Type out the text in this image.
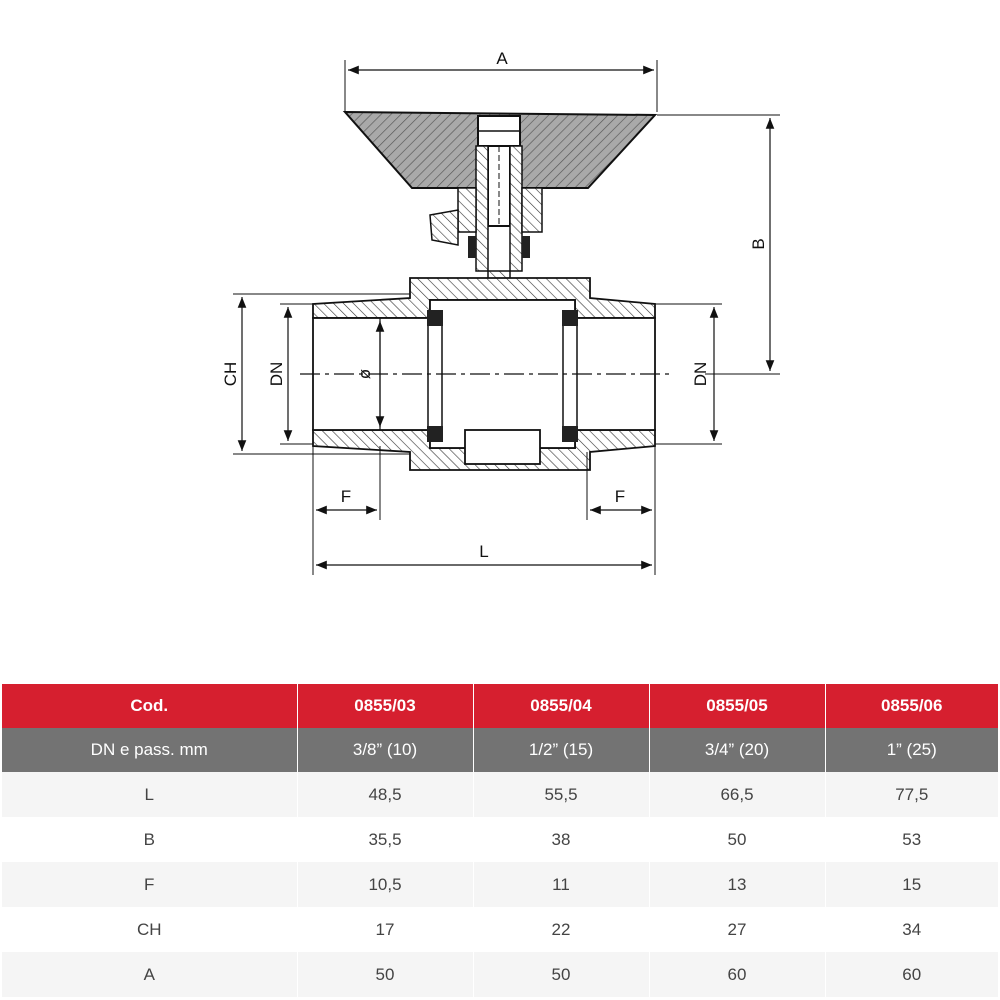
A
B
CH DN	DN
ø
F	F
L
Cod.	0855/03	0855/04	0855/05	0855/06
DN e pass. mm	3/8” (10)	1/2” (15)	3/4” (20)	1” (25)
L	48,5	55,5	66,5	77,5
B	35,5	38	50	53
F	10,5	11	13	15
CH	17	22	27	34
A	50	50	60	60
